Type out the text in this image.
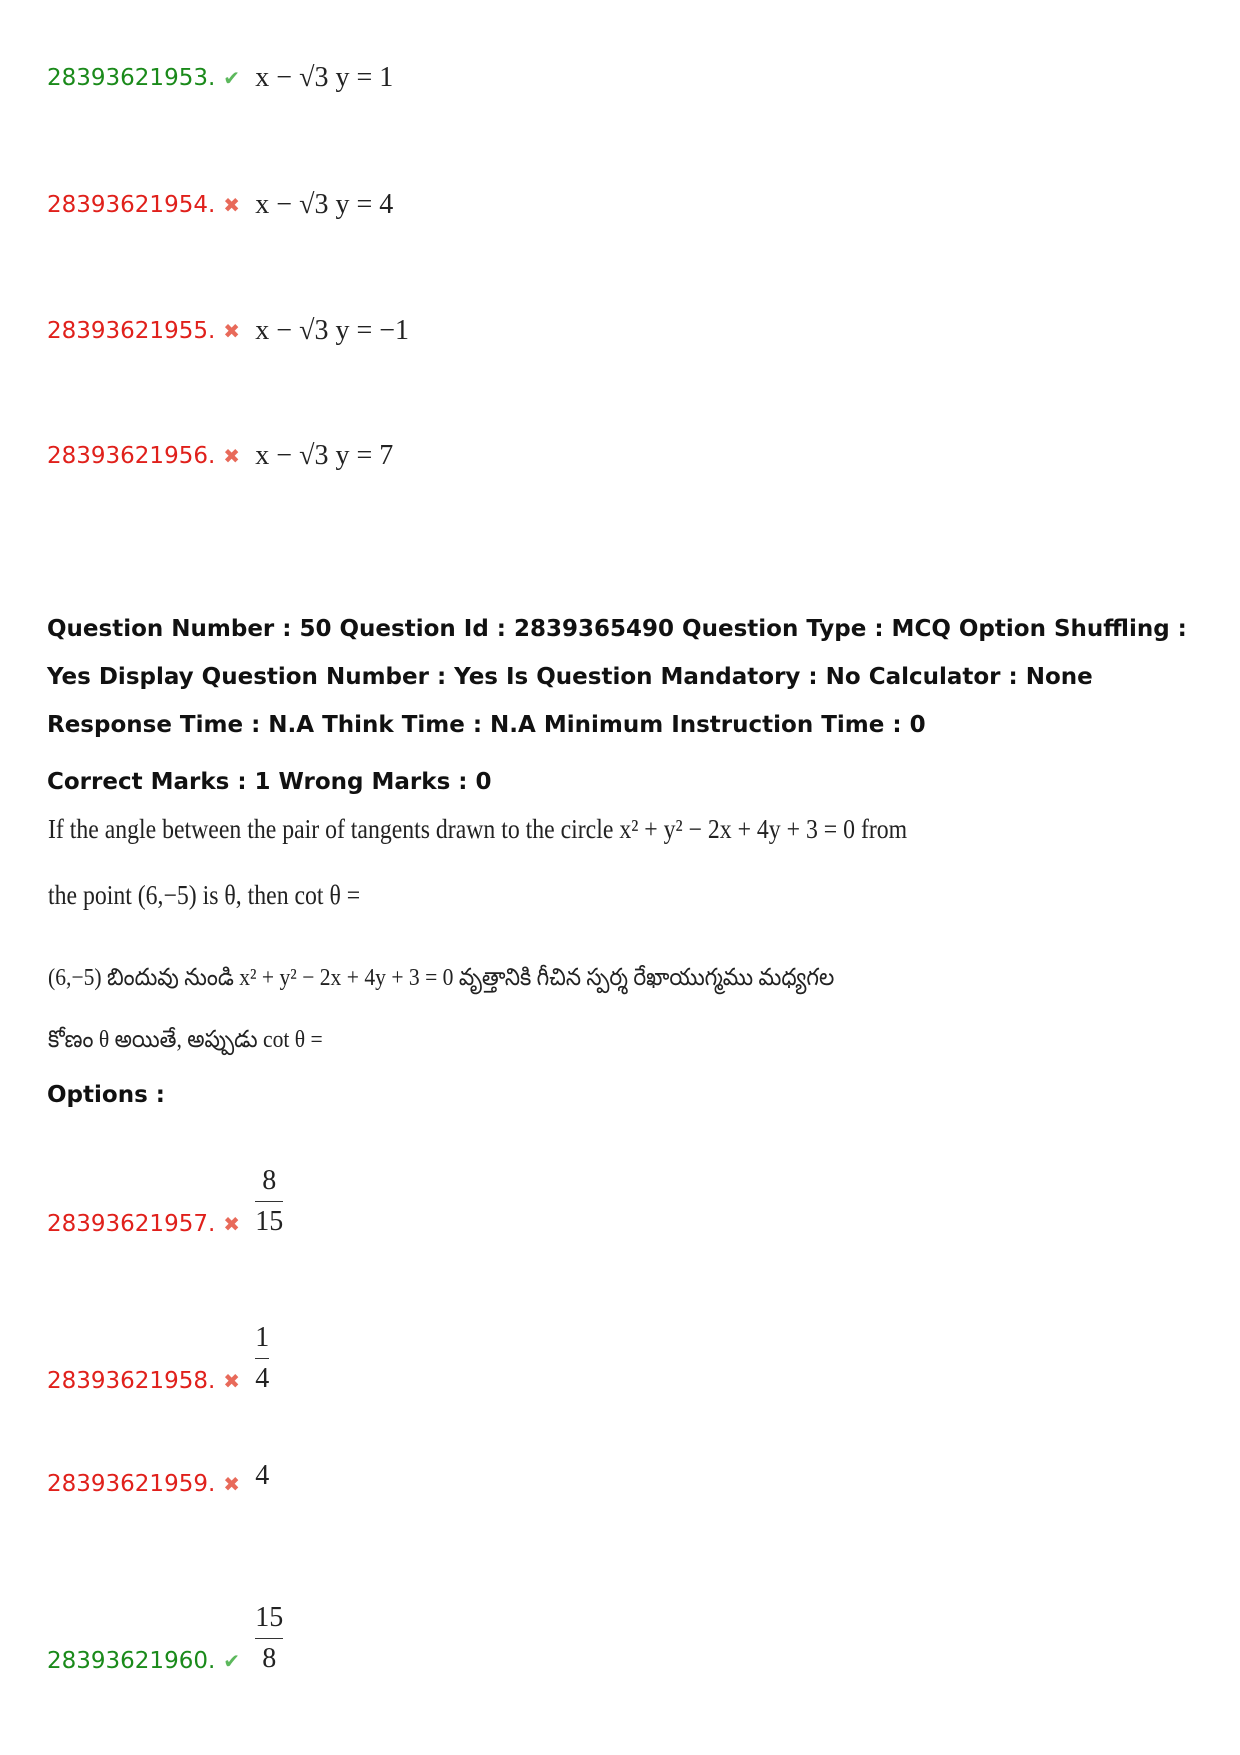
28393621953. ✔ x − √3 y = 1
28393621954. ✖ x − √3 y = 4
28393621955. ✖ x − √3 y = −1
28393621956. ✖ x − √3 y = 7
Question Number : 50 Question Id : 2839365490 Question Type : MCQ Option Shuffling : Yes Display Question Number : Yes Is Question Mandatory : No Calculator : None Response Time : N.A Think Time : N.A Minimum Instruction Time : 0
Correct Marks : 1 Wrong Marks : 0
If the angle between the pair of tangents drawn to the circle x² + y² − 2x + 4y + 3 = 0 from
the point (6,−5) is θ, then cot θ =
(6,−5) బిందువు నుండి x² + y² − 2x + 4y + 3 = 0 వృత్తానికి గీచిన స్పర్శ రేఖాయుగ్మము మధ్యగల
కోణం θ అయితే, అప్పుడు cot θ =
Options :
28393621957. ✖ $\frac{8}{15}$
28393621958. ✖ $\frac{1}{4}$
28393621959. ✖ 4
28393621960. ✔ $\frac{15}{8}$
